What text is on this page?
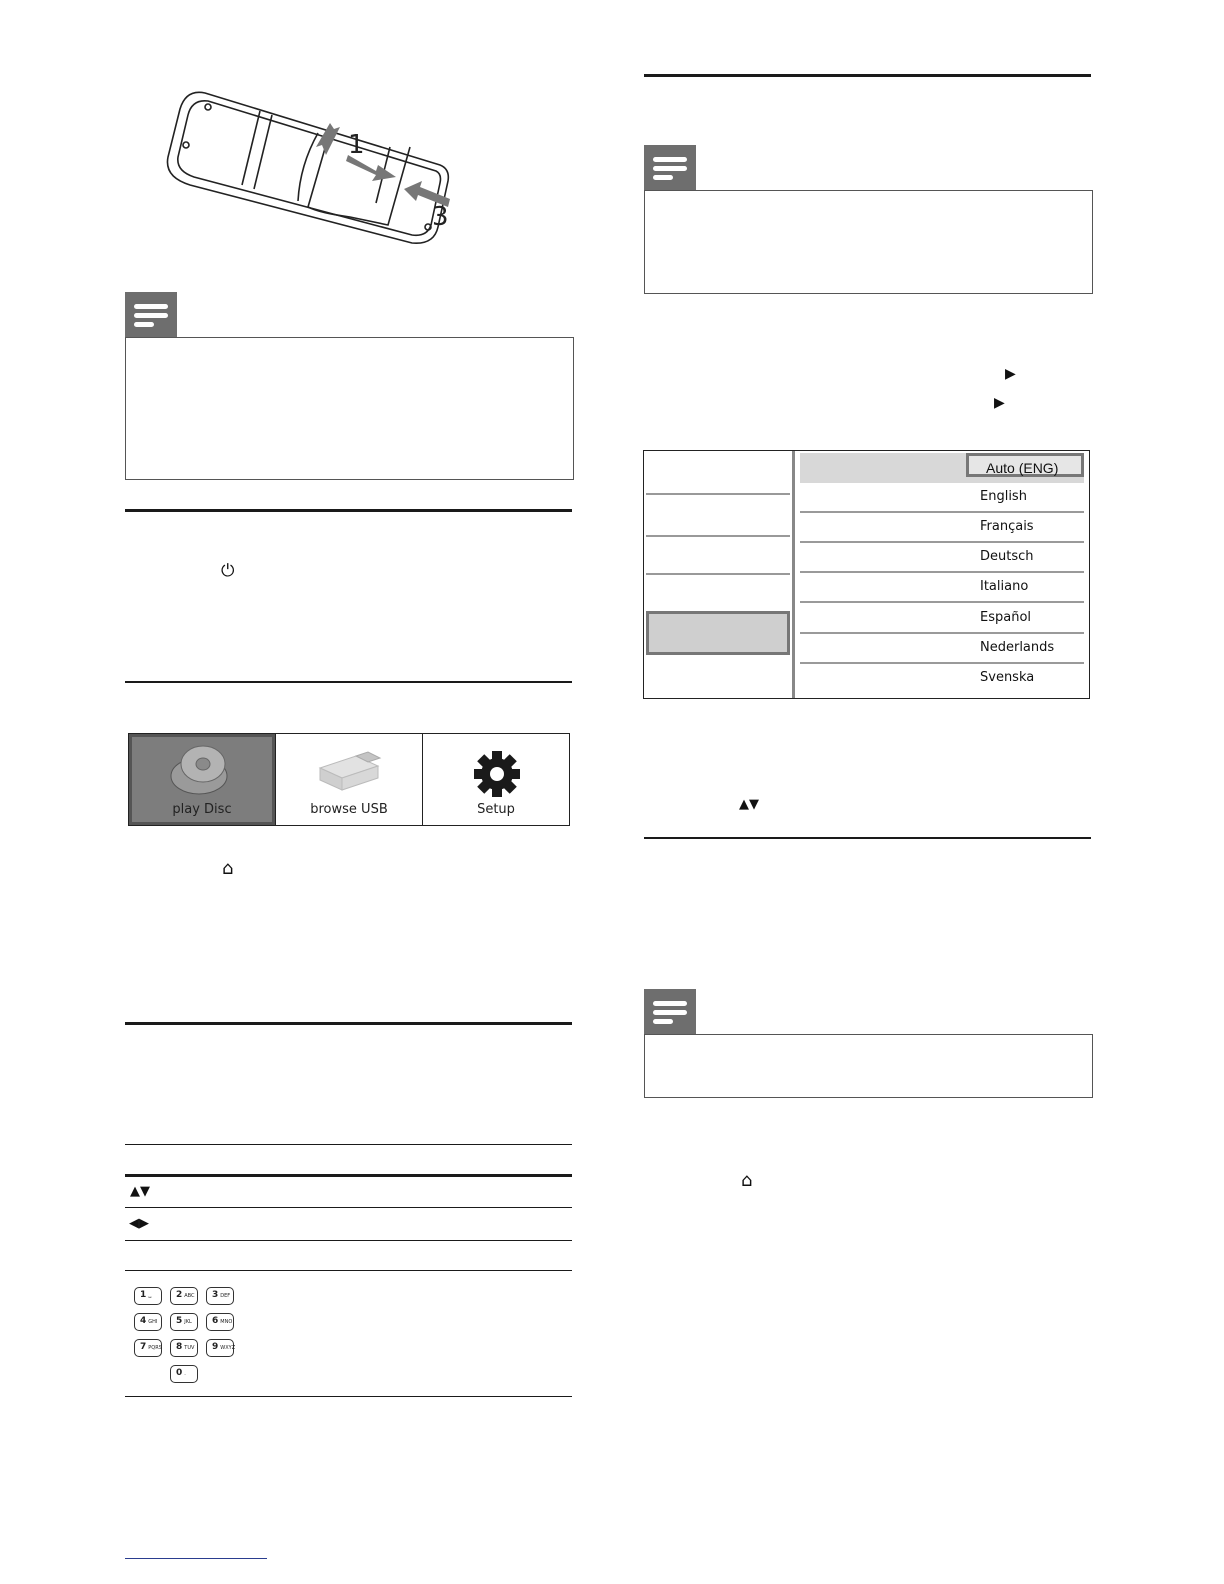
1
3
⏻
play Disc	browse USB	Setup
⌂
▲▼
◀▶
1 ␣	2 ABC	3 DEF
4 GHI	5 JKL	6 MNO
7 PQRS	8 TUV	9 WXYZ
0 .
▶
▶
Auto (ENG)
English
Français
Deutsch
Italiano
Español
Nederlands
Svenska
▲▼
⌂
